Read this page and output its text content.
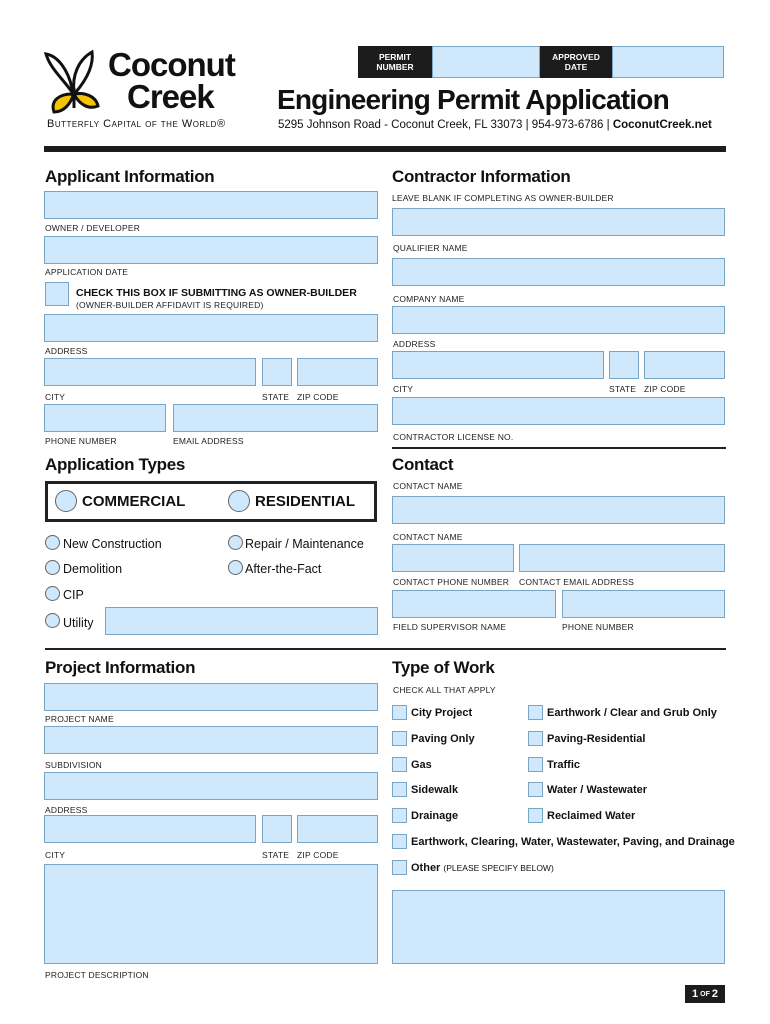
Coconut
Creek
Butterfly Capital of the World®
PERMIT NUMBER
APPROVED DATE
Engineering Permit Application
5295 Johnson Road - Coconut Creek, FL 33073 | 954-973-6786 | CoconutCreek.net
Applicant Information
OWNER / DEVELOPER
APPLICATION DATE
CHECK THIS BOX IF SUBMITTING AS OWNER-BUILDER
(OWNER-BUILDER AFFIDAVIT IS REQUIRED)
ADDRESS
CITY	STATE ZIP CODE
PHONE NUMBER	EMAIL ADDRESS
Contractor Information
LEAVE BLANK IF COMPLETING AS OWNER-BUILDER
QUALIFIER NAME
COMPANY NAME
ADDRESS
CITY	STATE ZIP CODE
CONTRACTOR LICENSE NO.
Application Types
COMMERCIAL	RESIDENTIAL
New Construction	Repair / Maintenance
Demolition	After-the-Fact
CIP
Utility
Contact
CONTACT NAME
CONTACT NAME
CONTACT PHONE NUMBER CONTACT EMAIL ADDRESS
FIELD SUPERVISOR NAME	PHONE NUMBER
Project Information
PROJECT NAME
SUBDIVISION
ADDRESS
CITY	STATE ZIP CODE
PROJECT DESCRIPTION
Type of Work
CHECK ALL THAT APPLY
City Project	Earthwork / Clear and Grub Only
Paving Only	Paving-Residential
Gas	Traffic
Sidewalk	Water / Wastewater
Drainage	Reclaimed Water
Earthwork, Clearing, Water, Wastewater, Paving, and Drainage
Other (PLEASE SPECIFY BELOW)
1 OF 2
